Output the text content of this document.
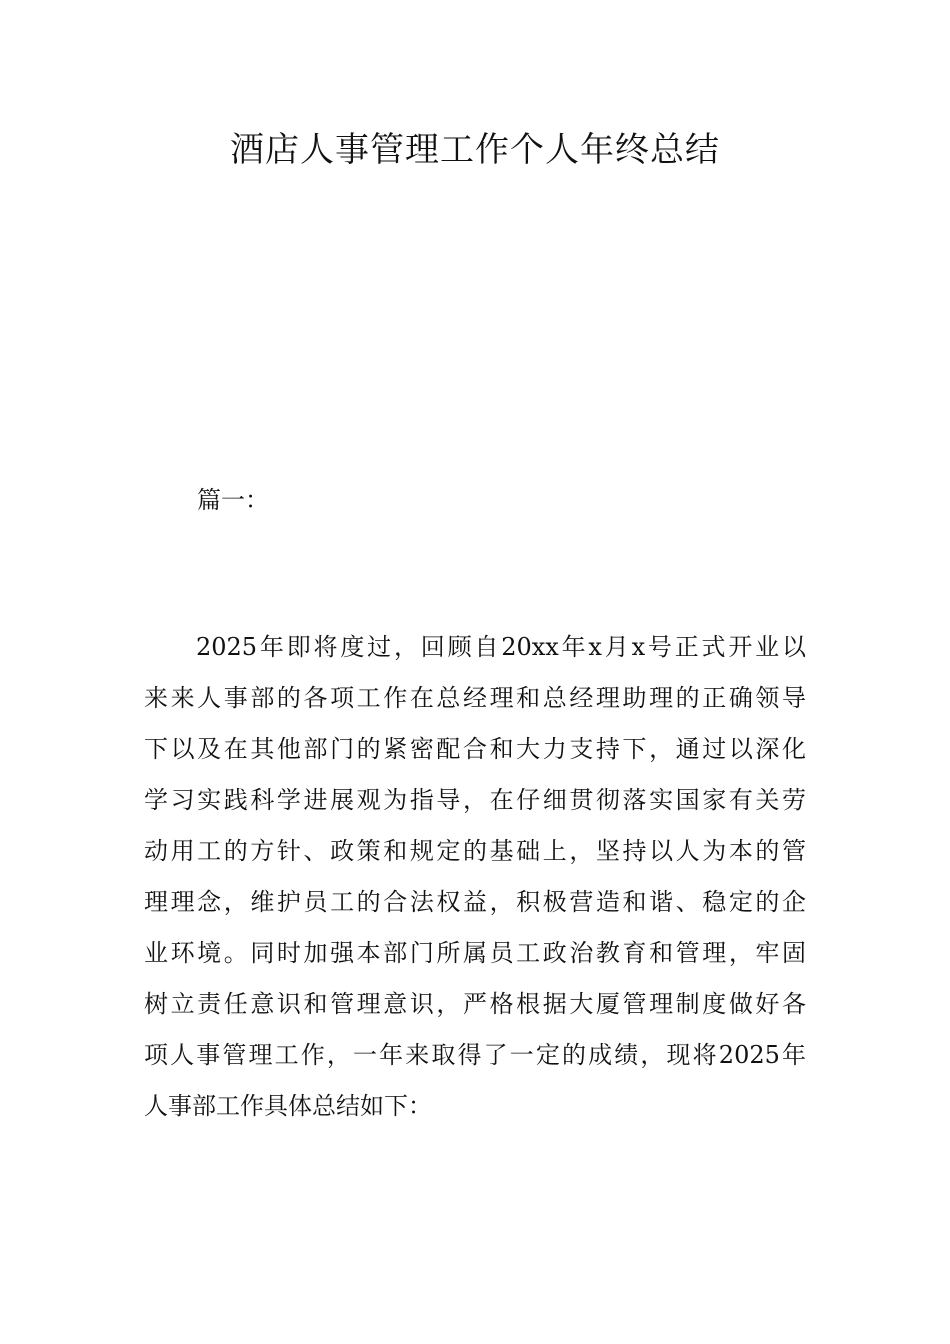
酒店人事管理工作个人年终总结
篇一：
2025年即将度过，回顾自20xx年x月x号正式开业以
来来人事部的各项工作在总经理和总经理助理的正确领导
下以及在其他部门的紧密配合和大力支持下，通过以深化
学习实践科学进展观为指导，在仔细贯彻落实国家有关劳
动用工的方针、政策和规定的基础上，坚持以人为本的管
理理念，维护员工的合法权益，积极营造和谐、稳定的企
业环境。同时加强本部门所属员工政治教育和管理，牢固
树立责任意识和管理意识，严格根据大厦管理制度做好各
项人事管理工作，一年来取得了一定的成绩，现将2025年
人事部工作具体总结如下：
